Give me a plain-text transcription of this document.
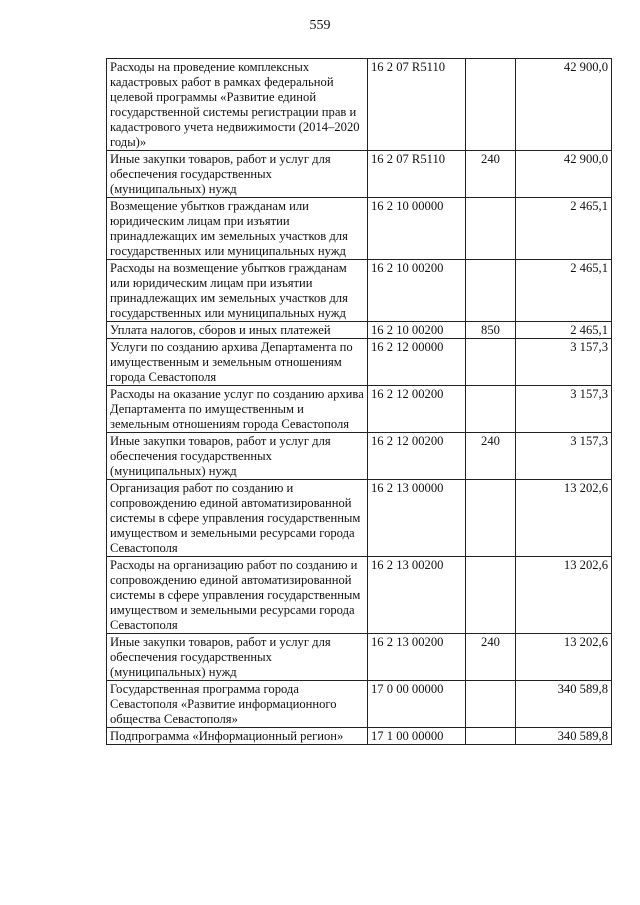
559
Расходы на проведение комплексных кадастровых работ в рамках федеральной целевой программы «Развитие единой государственной системы регистрации прав и кадастрового учета недвижимости (2014–2020 годы)»	16 2 07 R5110		42 900,0
Иные закупки товаров, работ и услуг для обеспечения государственных (муниципальных) нужд	16 2 07 R5110	240	42 900,0
Возмещение убытков гражданам или юридическим лицам при изъятии принадлежащих им земельных участков для государственных или муниципальных нужд	16 2 10 00000		2 465,1
Расходы на возмещение убытков гражданам или юридическим лицам при изъятии принадлежащих им земельных участков для государственных или муниципальных нужд	16 2 10 00200		2 465,1
Уплата налогов, сборов и иных платежей	16 2 10 00200	850	2 465,1
Услуги по созданию архива Департамента по имущественным и земельным отношениям города Севастополя	16 2 12 00000		3 157,3
Расходы на оказание услуг по созданию архива Департамента по имущественным и земельным отношениям города Севастополя	16 2 12 00200		3 157,3
Иные закупки товаров, работ и услуг для обеспечения государственных (муниципальных) нужд	16 2 12 00200	240	3 157,3
Организация работ по созданию и сопровождению единой автоматизированной системы в сфере управления государственным имуществом и земельными ресурсами города Севастополя	16 2 13 00000		13 202,6
Расходы на организацию работ по созданию и сопровождению единой автоматизированной системы в сфере управления государственным имуществом и земельными ресурсами города Севастополя	16 2 13 00200		13 202,6
Иные закупки товаров, работ и услуг для обеспечения государственных (муниципальных) нужд	16 2 13 00200	240	13 202,6
Государственная программа города Севастополя «Развитие информационного общества Севастополя»	17 0 00 00000		340 589,8
Подпрограмма «Информационный регион»	17 1 00 00000		340 589,8
